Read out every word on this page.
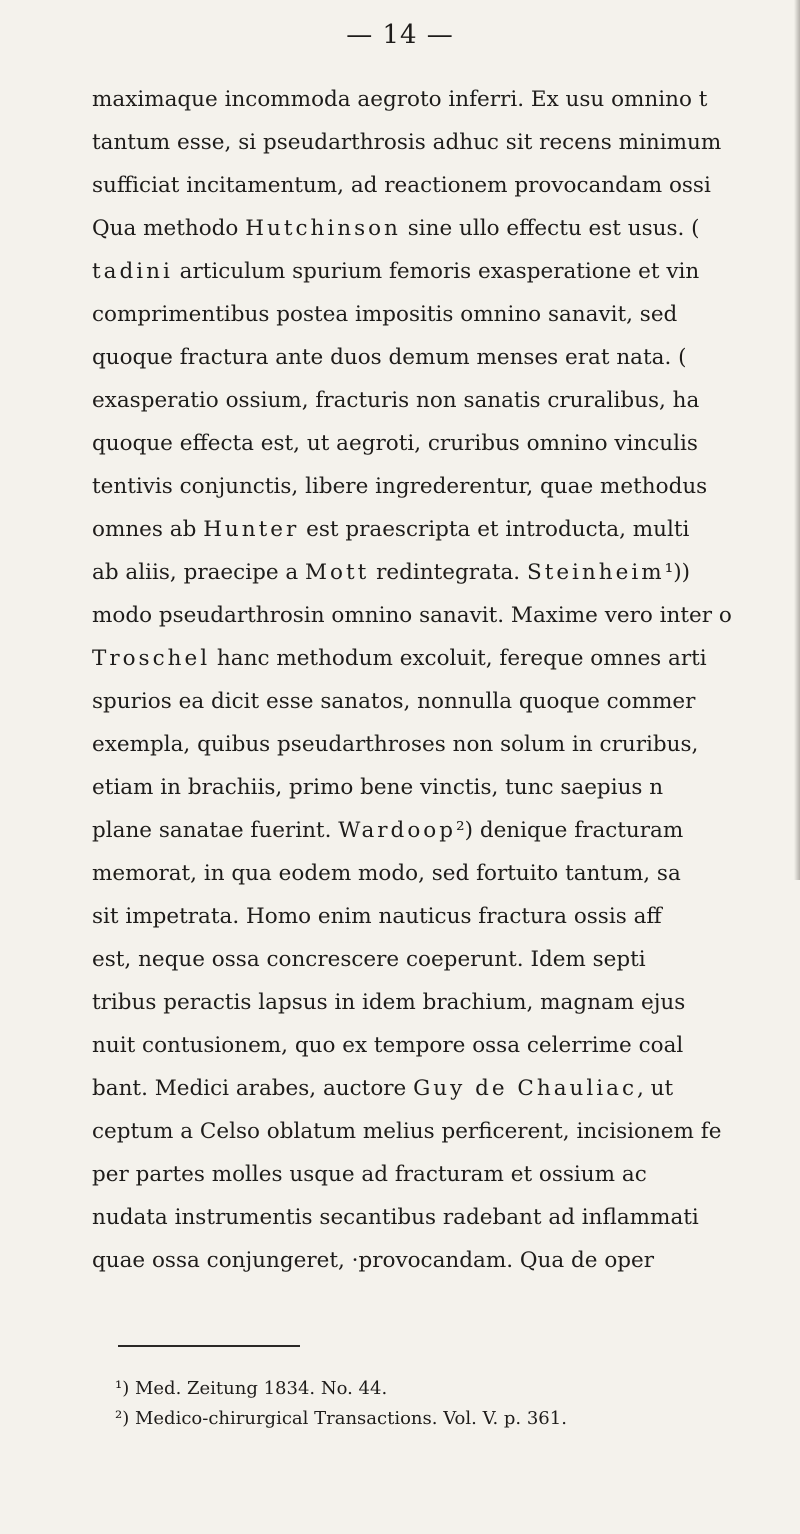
— 14 —
maximaque incommoda aegroto inferri. Ex usu omnino t
tantum esse, si pseudarthrosis adhuc sit recens minimum
sufficiat incitamentum, ad reactionem provocandam ossi
Qua methodo Hutchinson sine ullo effectu est usus. (
tadini articulum spurium femoris exasperatione et vin
comprimentibus postea impositis omnino sanavit, sed
quoque fractura ante duos demum menses erat nata. (
exasperatio ossium, fracturis non sanatis cruralibus, ha
quoque effecta est, ut aegroti, cruribus omnino vinculis
tentivis conjunctis, libere ingrederentur, quae methodus
omnes ab Hunter est praescripta et introducta, multi
ab aliis, praecipe a Mott redintegrata. Steinheim¹))
modo pseudarthrosin omnino sanavit. Maxime vero inter o
Troschel hanc methodum excoluit, fereque omnes arti
spurios ea dicit esse sanatos, nonnulla quoque commer
exempla, quibus pseudarthroses non solum in cruribus,
etiam in brachiis, primo bene vinctis, tunc saepius n
plane sanatae fuerint. Wardoop²) denique fracturam
memorat, in qua eodem modo, sed fortuito tantum, sa
sit impetrata. Homo enim nauticus fractura ossis aff
est, neque ossa concrescere coeperunt. Idem septi
tribus peractis lapsus in idem brachium, magnam ejus
nuit contusionem, quo ex tempore ossa celerrime coal
bant. Medici arabes, auctore Guy de Chauliac, ut
ceptum a Celso oblatum melius perficerent, incisionem fe
per partes molles usque ad fracturam et ossium ac
nudata instrumentis secantibus radebant ad inflammati
quae ossa conjungeret, ·provocandam. Qua de oper
¹) Med. Zeitung 1834. No. 44.
²) Medico-chirurgical Transactions. Vol. V. p. 361.
